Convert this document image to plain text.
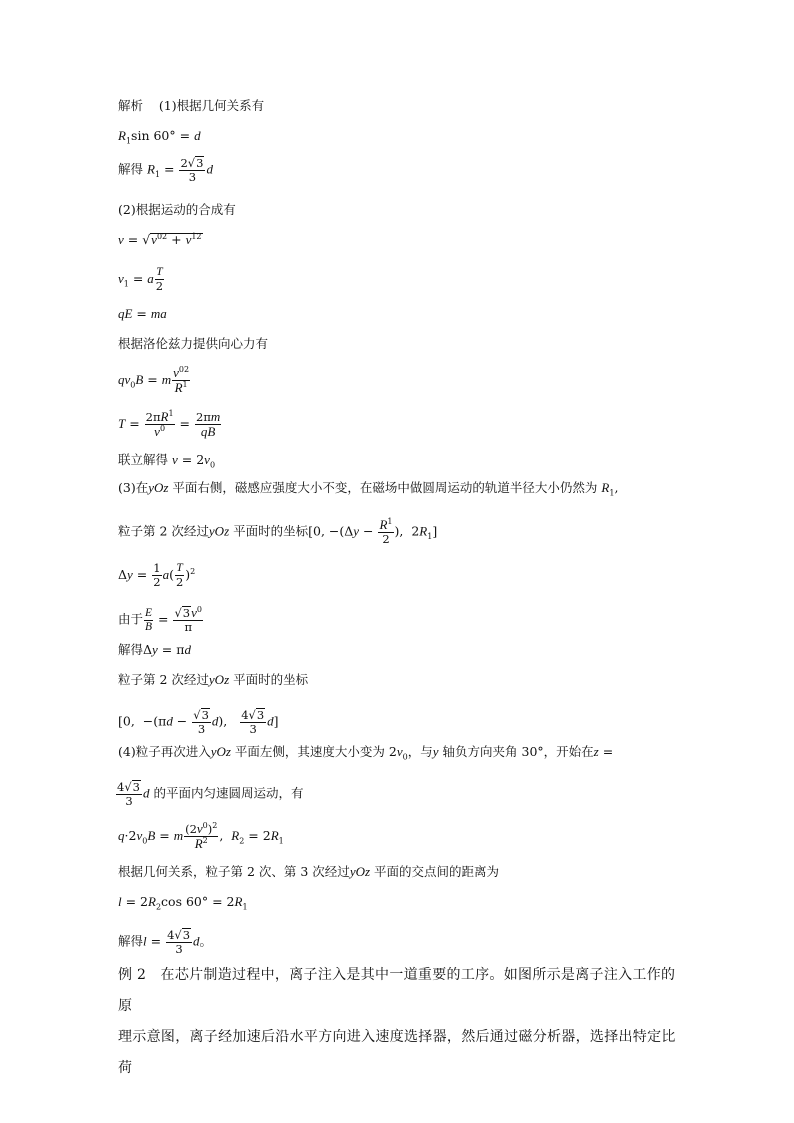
解析 (1)根据几何关系有
$R_1\sin$ 60° = d
解得 $R_1 = \frac{2√3}{3}$ d
(2)根据运动的合成有
$v = √v^{02} + v^{12}$
$v_1 = a \frac{T}{2}$
qE = ma
根据洛伦兹力提供向心力有
$qv_0B = m \frac{v^{02}}{R^1}$
$T = \frac{2\pi R^1}{v^0} = \frac{2\pi m}{qB}$
联立解得 $v = 2v_0$
(3)在yOz 平面右侧，磁感应强度大小不变，在磁场中做圆周运动的轨道半径大小仍然为 $R_1$,
粒子第 2 次经过yOz 平面时的坐标[0, $-(\Delta y - \frac{R^1}{2}$ ),  $2R_1$]
$\Delta y = \frac{1}{2} a( \frac{T}{2} )^2$
由于 $\frac{E}{B} = \frac{√3v^0}{\pi}$
解得Δy = πd
粒子第 2 次经过yOz 平面时的坐标
[0,  $-(\pi d - \frac{√3}{3} d)$, $\frac{4√3}{3} d$]
(4)粒子再次进入yOz 平面左侧，其速度大小变为 $2v_0$，与y 轴负方向夹角 30°，开始在z =
$\frac{4√3}{3}$ d 的平面内匀速圆周运动，有
$q\cdot 2v_0B = m \frac{(2v^0)^2}{R^2}$ ,  $R_2 = 2R_1$
根据几何关系，粒子第 2 次、第 3 次经过yOz 平面的交点间的距离为
$l = 2R_2\cos$ $60^\circ = 2R_1$
解得$l = \frac{4√3}{3}$ d。
例 2 在芯片制造过程中，离子注入是其中一道重要的工序。如图所示是离子注入工作的原
理示意图，离子经加速后沿水平方向进入速度选择器，然后通过磁分析器，选择出特定比荷
